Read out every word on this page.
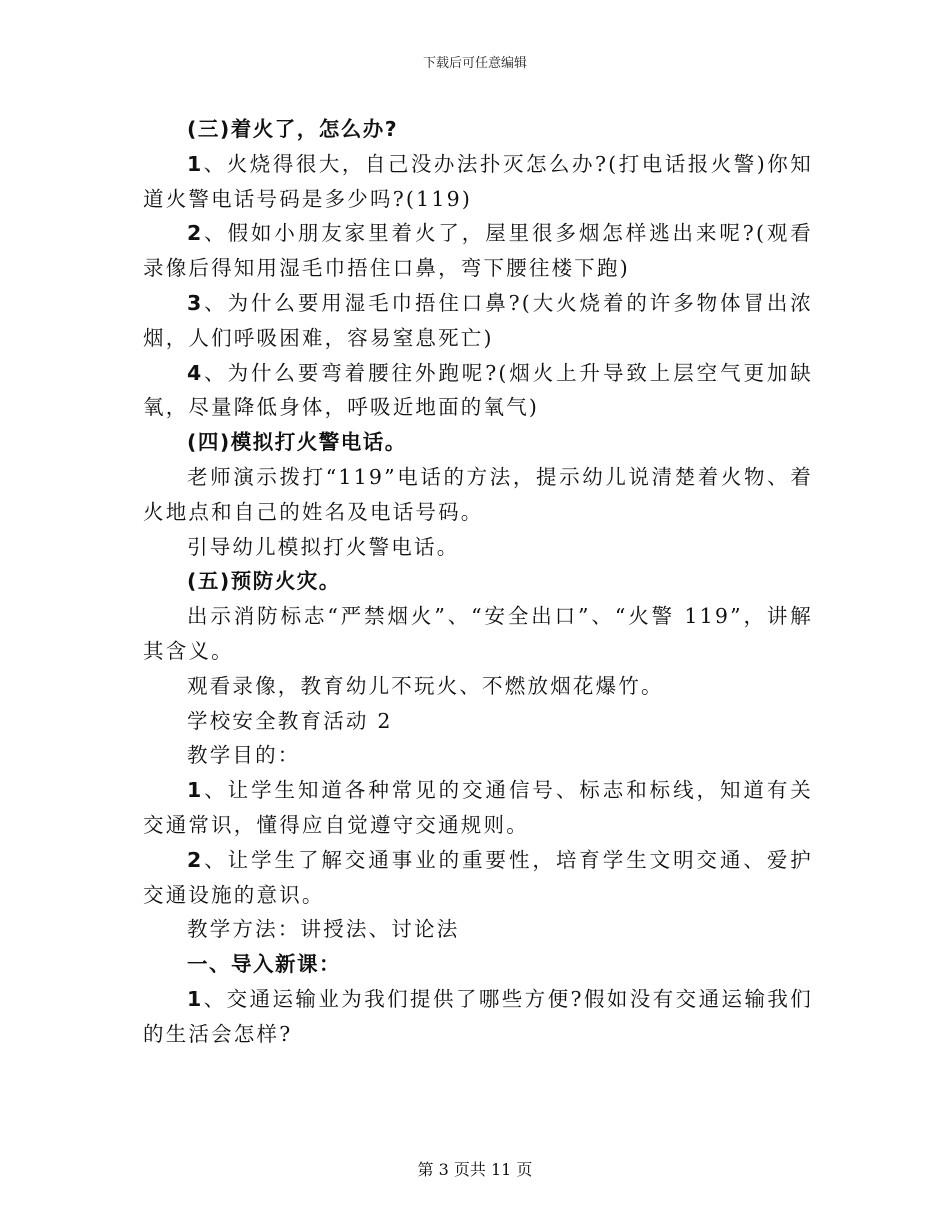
下载后可任意编辑

(三)着火了，怎么办?

1、火烧得很大，自己没办法扑灭怎么办?(打电话报火警)你知道火警电话号码是多少吗?(119)

2、假如小朋友家里着火了，屋里很多烟怎样逃出来呢?(观看录像后得知用湿毛巾捂住口鼻，弯下腰往楼下跑)

3、为什么要用湿毛巾捂住口鼻?(大火烧着的许多物体冒出浓烟，人们呼吸困难，容易窒息死亡)

4、为什么要弯着腰往外跑呢?(烟火上升导致上层空气更加缺氧，尽量降低身体，呼吸近地面的氧气)

(四)模拟打火警电话。

老师演示拨打“119”电话的方法，提示幼儿说清楚着火物、着火地点和自己的姓名及电话号码。

引导幼儿模拟打火警电话。

(五)预防火灾。

出示消防标志“严禁烟火”、“安全出口”、“火警 119”，讲解其含义。

观看录像，教育幼儿不玩火、不燃放烟花爆竹。

学校安全教育活动 2

教学目的：

1、让学生知道各种常见的交通信号、标志和标线，知道有关交通常识，懂得应自觉遵守交通规则。

2、让学生了解交通事业的重要性，培育学生文明交通、爱护交通设施的意识。

教学方法：讲授法、讨论法

一、导入新课：

1、交通运输业为我们提供了哪些方便?假如没有交通运输我们的生活会怎样?

第 3 页共 11 页
